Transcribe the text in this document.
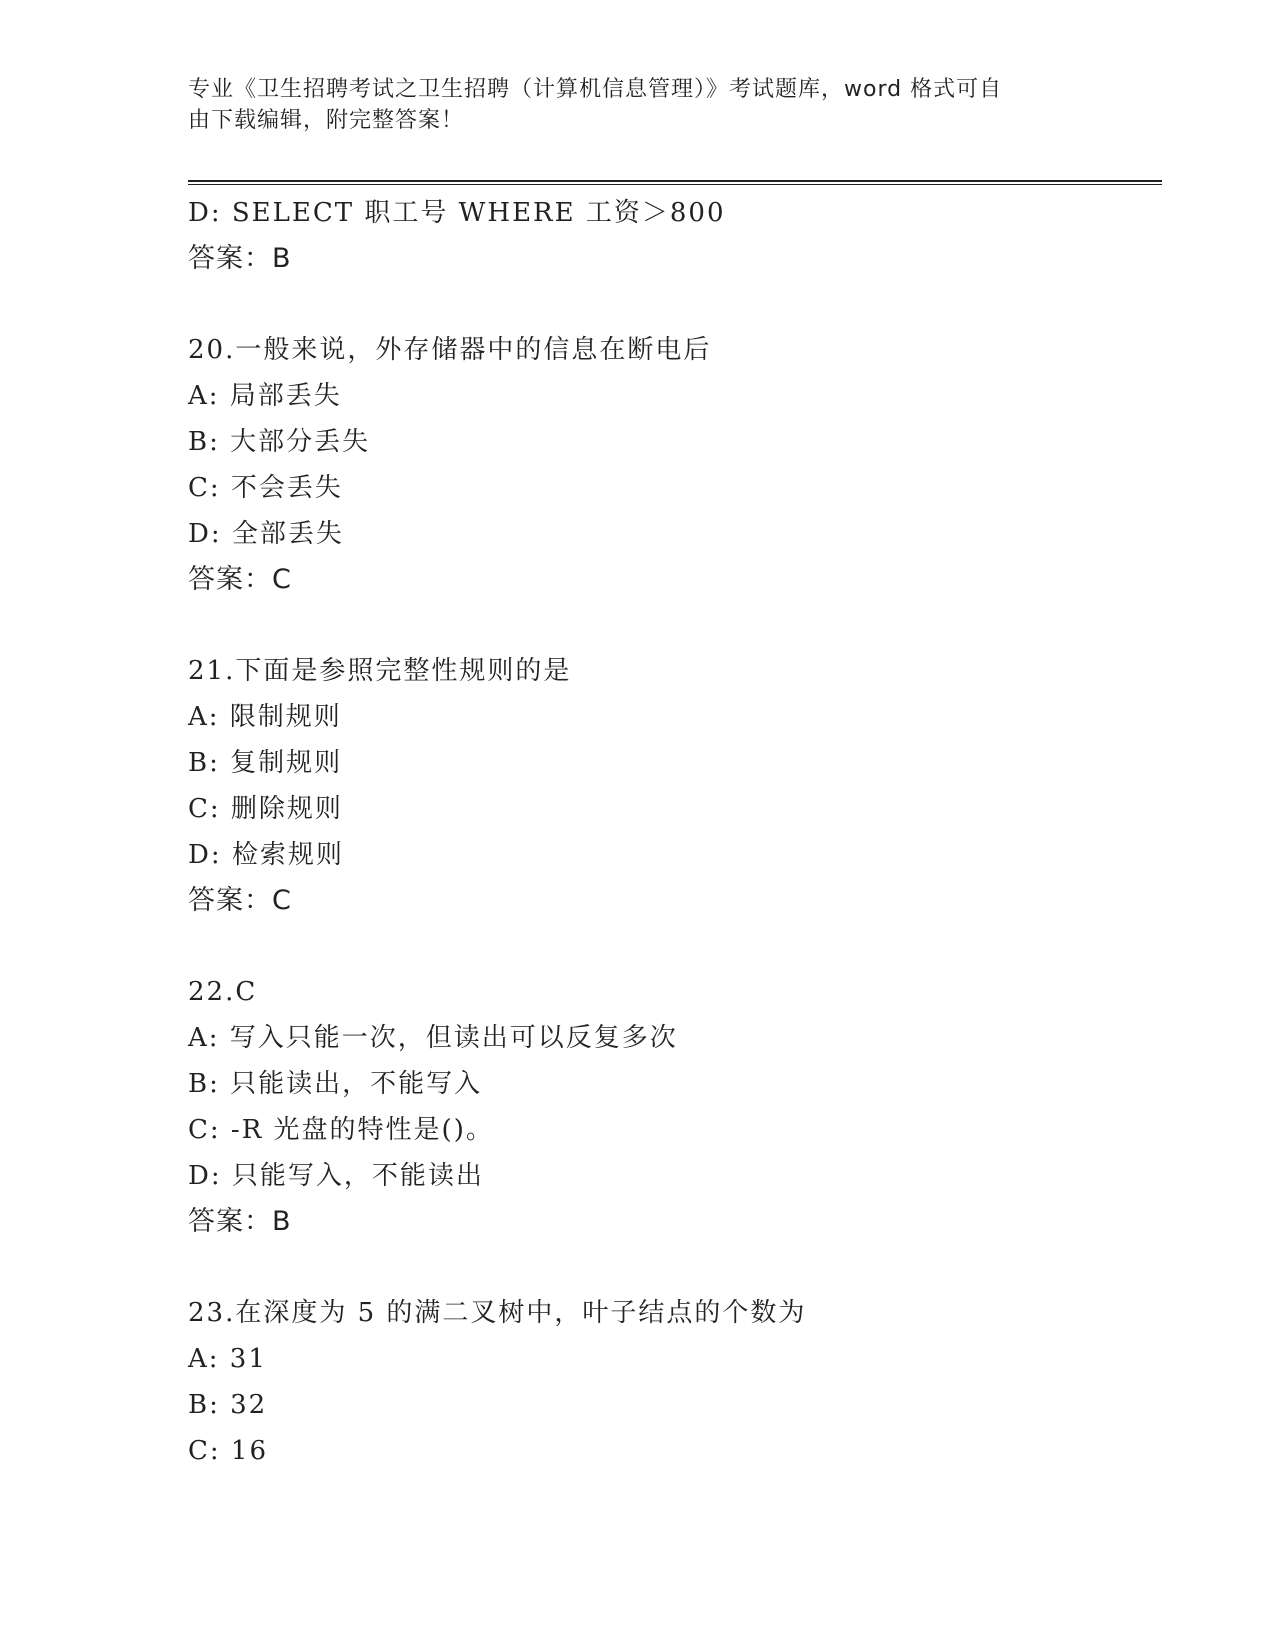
专业《卫生招聘考试之卫生招聘（计算机信息管理）》考试题库，word 格式可自
由下载编辑，附完整答案！
D: SELECT 职工号 WHERE 工资＞800
答案：B
20.一般来说，外存储器中的信息在断电后
A: 局部丢失
B: 大部分丢失
C: 不会丢失
D: 全部丢失
答案：C
21.下面是参照完整性规则的是
A: 限制规则
B: 复制规则
C: 删除规则
D: 检索规则
答案：C
22.C
A: 写入只能一次，但读出可以反复多次
B: 只能读出，不能写入
C: -R 光盘的特性是()。
D: 只能写入，不能读出
答案：B
23.在深度为 5 的满二叉树中，叶子结点的个数为
A: 31
B: 32
C: 16
